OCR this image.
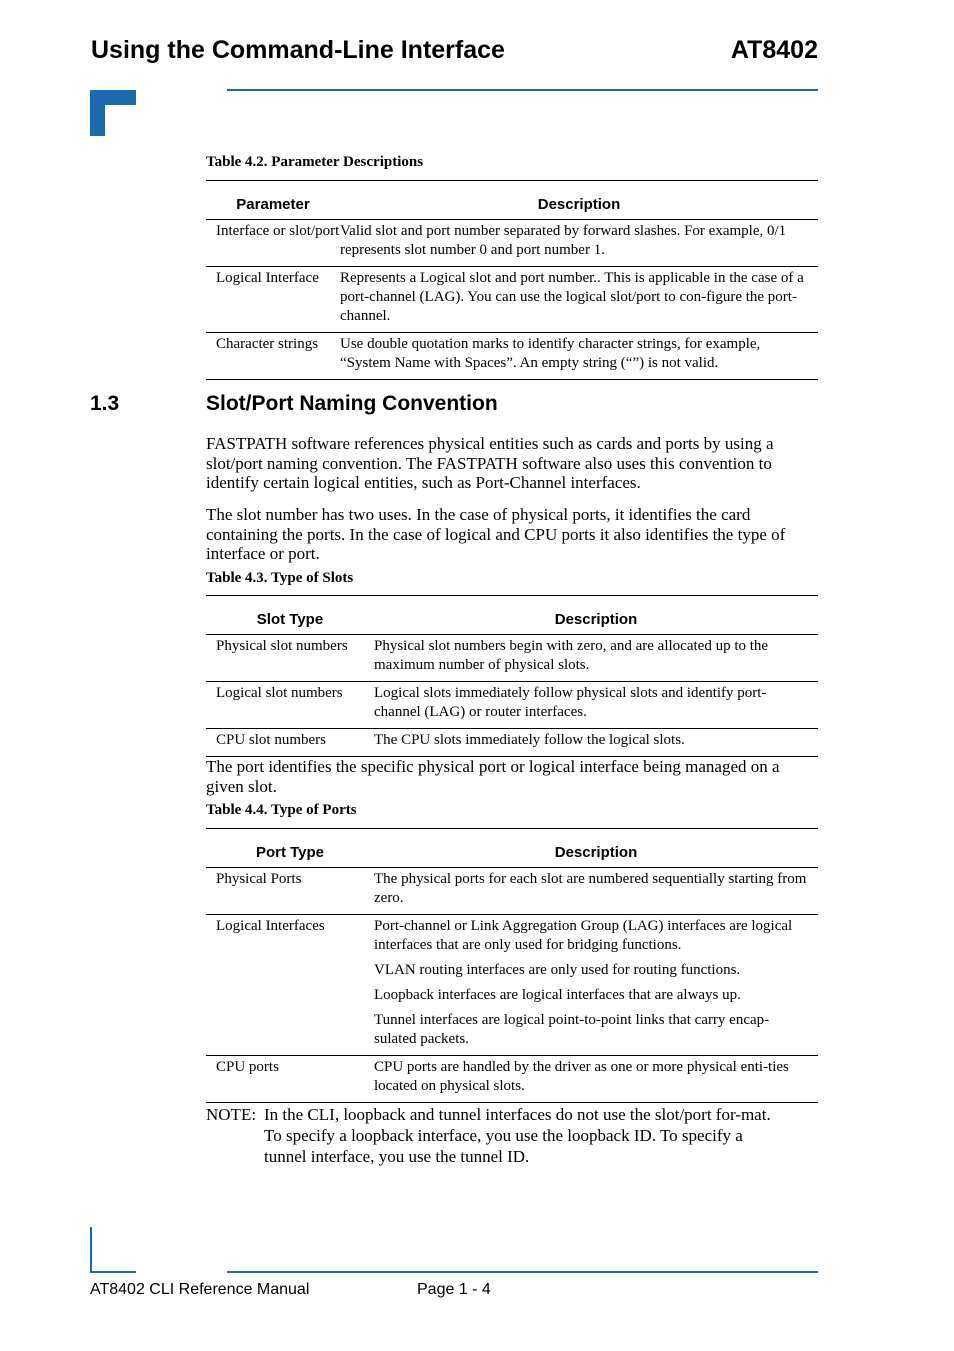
Using the Command-Line Interface	AT8402
Table 4.2. Parameter Descriptions
Parameter	Description
Interface or slot/port	Valid slot and port number separated by forward slashes. For example, 0/1 represents slot number 0 and port number 1.
Logical Interface	Represents a Logical slot and port number.. This is applicable in the case of a port-channel (LAG). You can use the logical slot/port to con-figure the port-channel.
Character strings	Use double quotation marks to identify character strings, for example, “System Name with Spaces”. An empty string (“”) is not valid.
1.3	Slot/Port Naming Convention
FASTPATH software references physical entities such as cards and ports by using a slot/port naming convention. The FASTPATH software also uses this convention to identify certain logical entities, such as Port-Channel interfaces.
The slot number has two uses. In the case of physical ports, it identifies the card containing the ports. In the case of logical and CPU ports it also identifies the type of interface or port.
Table 4.3. Type of Slots
Slot Type	Description
Physical slot numbers	Physical slot numbers begin with zero, and are allocated up to the maximum number of physical slots.
Logical slot numbers	Logical slots immediately follow physical slots and identify port-channel (LAG) or router interfaces.
CPU slot numbers	The CPU slots immediately follow the logical slots.
The port identifies the specific physical port or logical interface being managed on a given slot.
Table 4.4. Type of Ports
Port Type	Description
Physical Ports	The physical ports for each slot are numbered sequentially starting from zero.
Logical Interfaces	Port-channel or Link Aggregation Group (LAG) interfaces are logical interfaces that are only used for bridging functions.
	VLAN routing interfaces are only used for routing functions.
	Loopback interfaces are logical interfaces that are always up.
	Tunnel interfaces are logical point-to-point links that carry encap-sulated packets.
CPU ports	CPU ports are handled by the driver as one or more physical enti-ties located on physical slots.
NOTE: In the CLI, loopback and tunnel interfaces do not use the slot/port for-mat. To specify a loopback interface, you use the loopback ID. To specify a tunnel interface, you use the tunnel ID.
AT8402 CLI Reference Manual	Page 1 - 4
